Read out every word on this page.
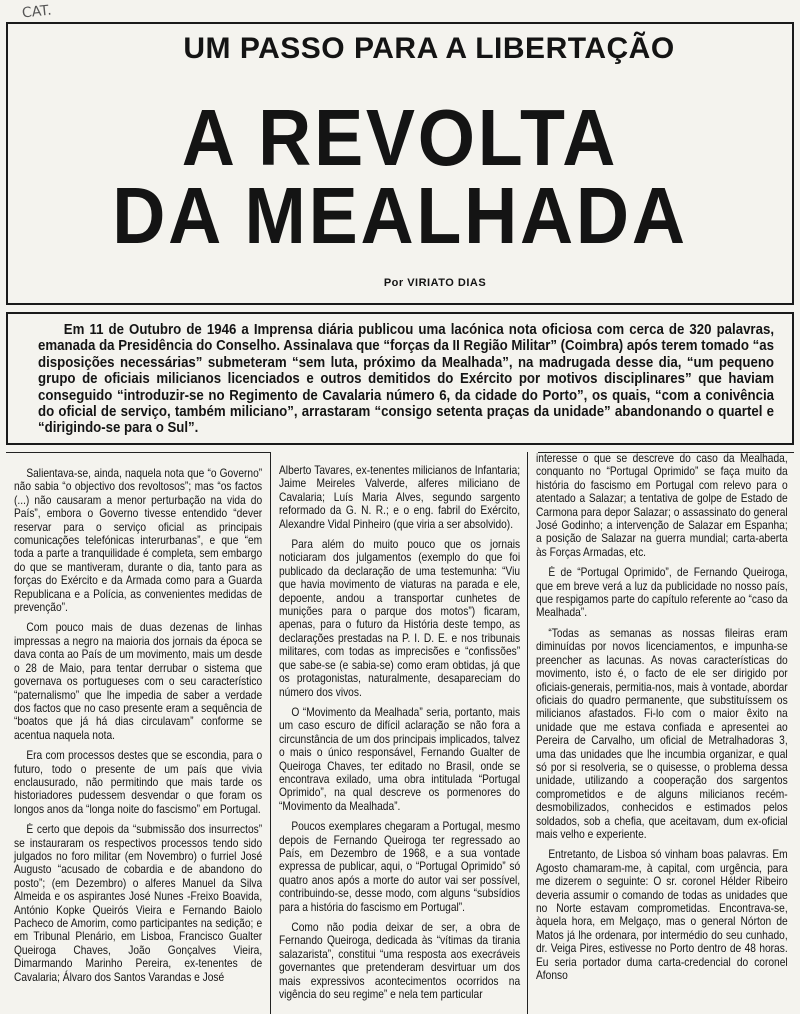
CAT.
UM PASSO PARA A LIBERTAÇÃO
A REVOLTA
DA MEALHADA
Por VIRIATO DIAS

Em 11 de Outubro de 1946 a Imprensa diária publicou uma lacónica nota oficiosa com cerca de 320 palavras, emanada da Presidência do Conselho. Assinalava que “forças da II Região Militar” (Coimbra) após terem tomado “as disposições necessárias” submeteram “sem luta, próximo da Mealhada”, na madrugada desse dia, “um pequeno grupo de oficiais milicianos licenciados e outros demitidos do Exército por motivos disciplinares” que haviam conseguido “introduzir-se no Regimento de Cavalaria número 6, da cidade do Porto”, os quais, “com a conivência do oficial de serviço, também miliciano”, arrastaram “consigo setenta praças da unidade” abandonando o quartel e “dirigindo-se para o Sul”.

Salientava-se, ainda, naquela nota que “o Governo” não sabia “o objectivo dos revoltosos”; mas “os factos (...) não causaram a menor perturbação na vida do País”, embora o Governo tivesse entendido “dever reservar para o serviço oficial as principais comunicações telefónicas interurbanas”, e que “em toda a parte a tranquilidade é completa, sem embargo do que se mantiveram, durante o dia, tanto para as forças do Exército e da Armada como para a Guarda Republicana e a Polícia, as convenientes medidas de prevenção”.

Com pouco mais de duas dezenas de linhas impressas a negro na maioria dos jornais da época se dava conta ao País de um movimento, mais um desde o 28 de Maio, para tentar derrubar o sistema que governava os portugueses com o seu característico “paternalismo” que lhe impedia de saber a verdade dos factos que no caso presente eram a sequência de “boatos que já há dias circulavam” conforme se acentua naquela nota.

Era com processos destes que se escondia, para o futuro, todo o presente de um país que vivia enclausurado, não permitindo que mais tarde os historiadores pudessem desvendar o que foram os longos anos da “longa noite do fascismo” em Portugal.

É certo que depois da “submissão dos insurrectos” se instauraram os respectivos processos tendo sido julgados no foro militar (em Novembro) o furriel José Augusto “acusado de cobardia e de abandono do posto”; (em Dezembro) o alferes Manuel da Silva Almeida e os aspirantes José Nunes -Freixo Boavida, António Kopke Queirós Vieira e Fernando Baiolo Pacheco de Amorim, como participantes na sedição; e em Tribunal Plenário, em Lisboa, Francisco Gualter Queiroga Chaves, João Gonçalves Vieira, Dimarmando Marinho Pereira, ex-tenentes de Cavalaria; Álvaro dos Santos Varandas e José

Alberto Tavares, ex-tenentes milicianos de Infantaria; Jaime Meireles Valverde, alferes miliciano de Cavalaria; Luís Maria Alves, segundo sargento reformado da G. N. R.; e o eng. fabril do Exército, Alexandre Vidal Pinheiro (que viria a ser absolvido).

Para além do muito pouco que os jornais noticiaram dos julgamentos (exemplo do que foi publicado da declaração de uma testemunha: “Viu que havia movimento de viaturas na parada e ele, depoente, andou a transportar cunhetes de munições para o parque dos motos”) ficaram, apenas, para o futuro da História deste tempo, as declarações prestadas na P. I. D. E. e nos tribunais militares, com todas as imprecisões e “confissões” que sabe-se (e sabia-se) como eram obtidas, já que os protagonistas, naturalmente, desapareciam do número dos vivos.

O “Movimento da Mealhada” seria, portanto, mais um caso escuro de difícil aclaração se não fora a circunstância de um dos principais implicados, talvez o mais o único responsável, Fernando Gualter de Queiroga Chaves, ter editado no Brasil, onde se encontrava exilado, uma obra intitulada “Portugal Oprimido”, na qual descreve os pormenores do “Movimento da Mealhada”.

Poucos exemplares chegaram a Portugal, mesmo depois de Fernando Queiroga ter regressado ao País, em Dezembro de 1968, e a sua vontade expressa de publicar, aqui, o “Portugal Oprimido” só quatro anos após a morte do autor vai ser possível, contribuindo-se, desse modo, com alguns “subsídios para a história do fascismo em Portugal”.

Como não podia deixar de ser, a obra de Fernando Queiroga, dedicada às “vítimas da tirania salazarista”, constitui “uma resposta aos execráveis governantes que pretenderam desvirtuar um dos mais expressivos acontecimentos ocorridos na vigência do seu regime” e nela tem particular

interesse o que se descreve do caso da Mealhada, conquanto no “Portugal Oprimido” se faça muito da história do fascismo em Portugal com relevo para o atentado a Salazar; a tentativa de golpe de Estado de Carmona para depor Salazar; o assassinato do general José Godinho; a intervenção de Salazar em Espanha; a posição de Salazar na guerra mundial; carta-aberta às Forças Armadas, etc.

É de “Portugal Oprimido”, de Fernando Queiroga, que em breve verá a luz da publicidade no nosso país, que respigamos parte do capítulo referente ao “caso da Mealhada”.

“Todas as semanas as nossas fileiras eram diminuídas por novos licenciamentos, e impunha-se preencher as lacunas. As novas características do movimento, isto é, o facto de ele ser dirigido por oficiais-generais, permitia-nos, mais à vontade, abordar oficiais do quadro permanente, que substituíssem os milicianos afastados. Fi-lo com o maior êxito na unidade que me estava confiada e apresentei ao Pereira de Carvalho, um oficial de Metralhadoras 3, uma das unidades que lhe incumbia organizar, e qual só por si resolveria, se o quisesse, o problema dessa unidade, utilizando a cooperação dos sargentos comprometidos e de alguns milicianos recém-desmobilizados, conhecidos e estimados pelos soldados, sob a chefia, que aceitavam, dum ex-oficial mais velho e experiente.

Entretanto, de Lisboa só vinham boas palavras. Em Agosto chamaram-me, à capital, com urgência, para me dizerem o seguinte: O sr. coronel Hélder Ribeiro deveria assumir o comando de todas as unidades que no Norte estavam comprometidas. Encontrava-se, àquela hora, em Melgaço, mas o general Nórton de Matos já lhe ordenara, por intermédio do seu cunhado, dr. Veiga Pires, estivesse no Porto dentro de 48 horas. Eu seria portador duma carta-credencial do coronel Afonso
